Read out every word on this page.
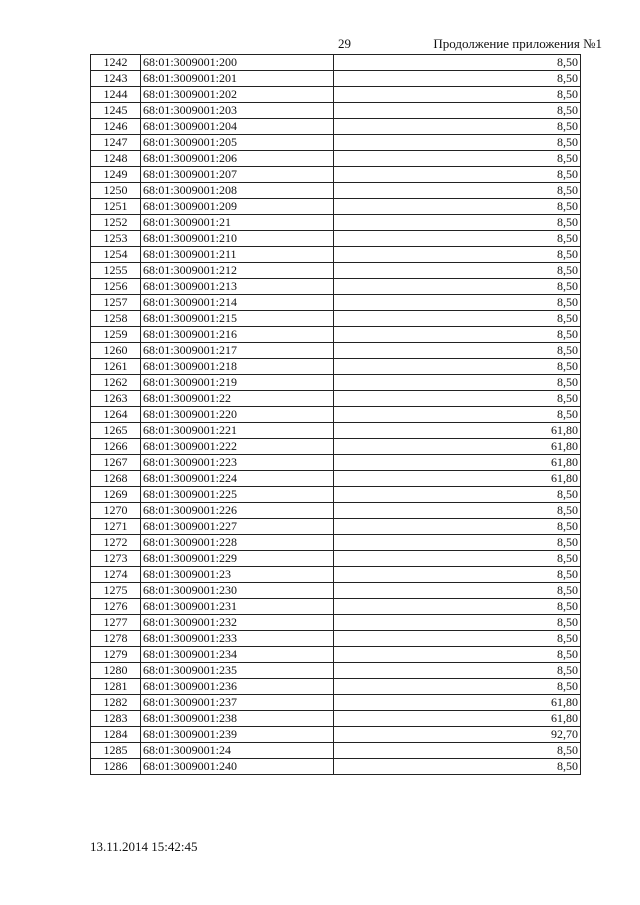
29	Продолжение приложения №1
1242	68:01:3009001:200	8,50
1243	68:01:3009001:201	8,50
1244	68:01:3009001:202	8,50
1245	68:01:3009001:203	8,50
1246	68:01:3009001:204	8,50
1247	68:01:3009001:205	8,50
1248	68:01:3009001:206	8,50
1249	68:01:3009001:207	8,50
1250	68:01:3009001:208	8,50
1251	68:01:3009001:209	8,50
1252	68:01:3009001:21	8,50
1253	68:01:3009001:210	8,50
1254	68:01:3009001:211	8,50
1255	68:01:3009001:212	8,50
1256	68:01:3009001:213	8,50
1257	68:01:3009001:214	8,50
1258	68:01:3009001:215	8,50
1259	68:01:3009001:216	8,50
1260	68:01:3009001:217	8,50
1261	68:01:3009001:218	8,50
1262	68:01:3009001:219	8,50
1263	68:01:3009001:22	8,50
1264	68:01:3009001:220	8,50
1265	68:01:3009001:221	61,80
1266	68:01:3009001:222	61,80
1267	68:01:3009001:223	61,80
1268	68:01:3009001:224	61,80
1269	68:01:3009001:225	8,50
1270	68:01:3009001:226	8,50
1271	68:01:3009001:227	8,50
1272	68:01:3009001:228	8,50
1273	68:01:3009001:229	8,50
1274	68:01:3009001:23	8,50
1275	68:01:3009001:230	8,50
1276	68:01:3009001:231	8,50
1277	68:01:3009001:232	8,50
1278	68:01:3009001:233	8,50
1279	68:01:3009001:234	8,50
1280	68:01:3009001:235	8,50
1281	68:01:3009001:236	8,50
1282	68:01:3009001:237	61,80
1283	68:01:3009001:238	61,80
1284	68:01:3009001:239	92,70
1285	68:01:3009001:24	8,50
1286	68:01:3009001:240	8,50
13.11.2014 15:42:45
